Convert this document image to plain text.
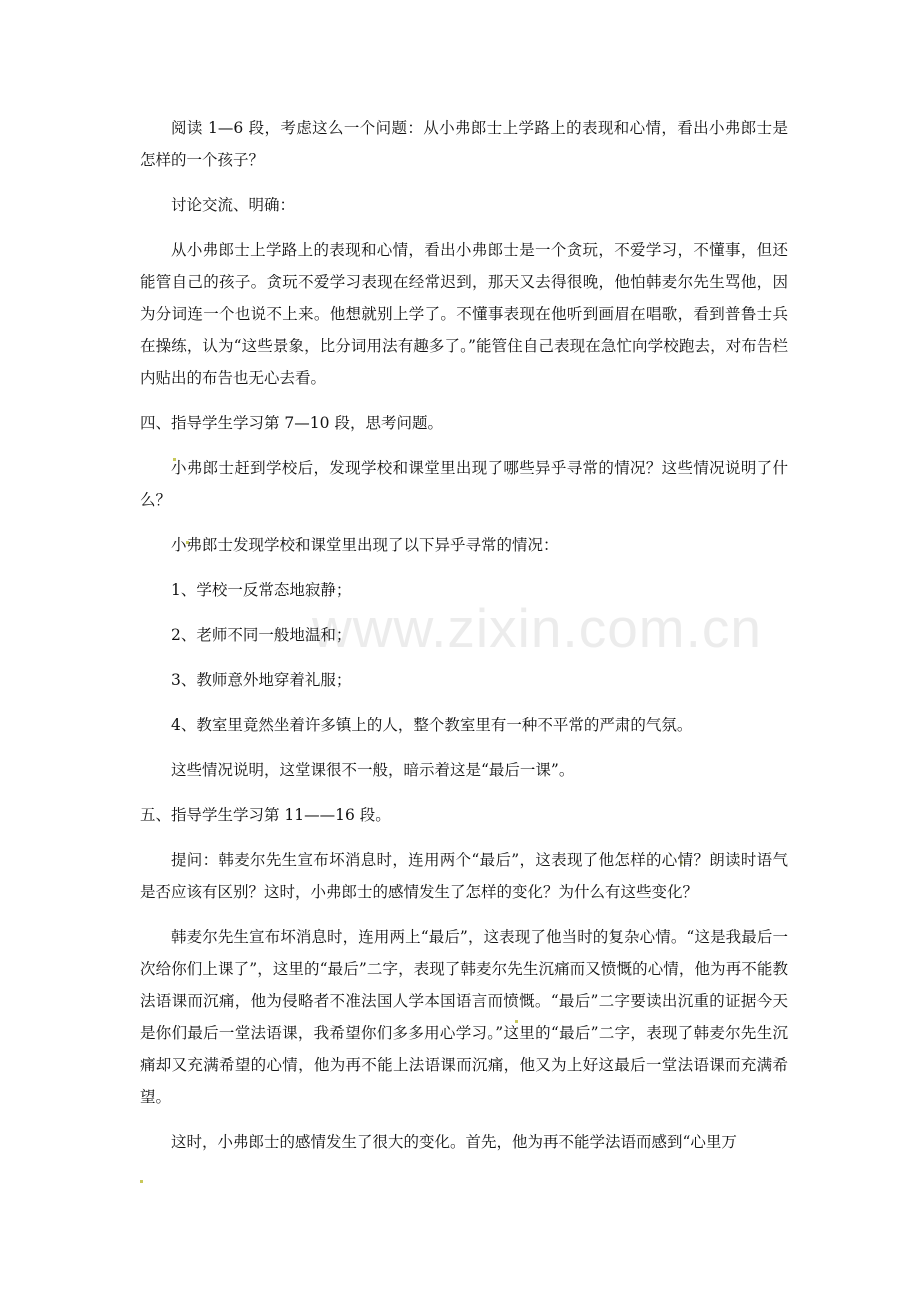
www.zixin.com.cn

阅读 1—6 段，考虑这么一个问题：从小弗郎士上学路上的表现和心情，看出小弗郎士是怎样的一个孩子？

讨论交流、明确：

从小弗郎士上学路上的表现和心情，看出小弗郎士是一个贪玩，不爱学习，不懂事，但还能管自己的孩子。贪玩不爱学习表现在经常迟到，那天又去得很晚，他怕韩麦尔先生骂他，因为分词连一个也说不上来。他想就别上学了。不懂事表现在他听到画眉在唱歌，看到普鲁士兵在操练，认为“这些景象，比分词用法有趣多了。”能管住自己表现在急忙向学校跑去，对布告栏内贴出的布告也无心去看。

四、指导学生学习第 7—10 段，思考问题。

小弗郎士赶到学校后，发现学校和课堂里出现了哪些异乎寻常的情况？这些情况说明了什么？

小弗郎士发现学校和课堂里出现了以下异乎寻常的情况：

1、学校一反常态地寂静；

2、老师不同一般地温和；

3、教师意外地穿着礼服；

4、教室里竟然坐着许多镇上的人，整个教室里有一种不平常的严肃的气氛。

这些情况说明，这堂课很不一般，暗示着这是“最后一课”。

五、指导学生学习第 11——16 段。

提问：韩麦尔先生宣布坏消息时，连用两个“最后”，这表现了他怎样的心情？朗读时语气是否应该有区别？这时，小弗郎士的感情发生了怎样的变化？为什么有这些变化？

韩麦尔先生宣布坏消息时，连用两上“最后”，这表现了他当时的复杂心情。“这是我最后一次给你们上课了”，这里的“最后”二字，表现了韩麦尔先生沉痛而又愤慨的心情，他为再不能教法语课而沉痛，他为侵略者不准法国人学本国语言而愤慨。“最后”二字要读出沉重的证据今天是你们最后一堂法语课，我希望你们多多用心学习。”这里的“最后”二字，表现了韩麦尔先生沉痛却又充满希望的心情，他为再不能上法语课而沉痛，他又为上好这最后一堂法语课而充满希望。

这时，小弗郎士的感情发生了很大的变化。首先，他为再不能学法语而感到“心里万
